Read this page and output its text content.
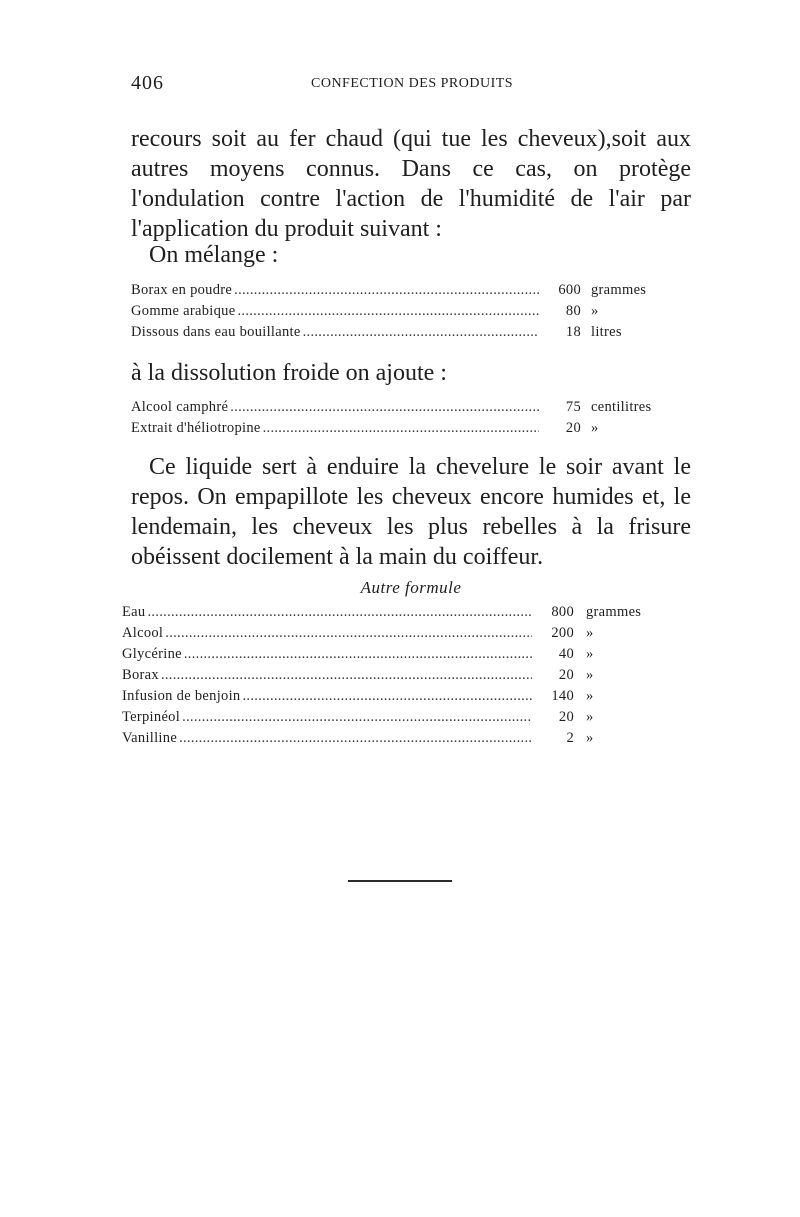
406	CONFECTION DES PRODUITS

recours soit au fer chaud (qui tue les cheveux),soit aux autres moyens connus. Dans ce cas, on protège l'ondulation contre l'action de l'humidité de l'air par l'application du produit suivant :

On mélange :

Borax en poudre .....	600 grammes
Gomme arabique .....	80 »
Dissous dans eau bouillante .....	18 litres

à la dissolution froide on ajoute :

Alcool camphré .....	75 centilitres
Extrait d'héliotropine .....	20 »

Ce liquide sert à enduire la chevelure le soir avant le repos. On empapillote les cheveux encore humides et, le lendemain, les cheveux les plus rebelles à la frisure obéissent docilement à la main du coiffeur.

Autre formule
Eau .....	800 grammes
Alcool .....	200 »
Glycérine .....	40 »
Borax .....	20 »
Infusion de benjoin .....	140 »
Terpinéol .....	20 »
Vanilline .....	2 »
